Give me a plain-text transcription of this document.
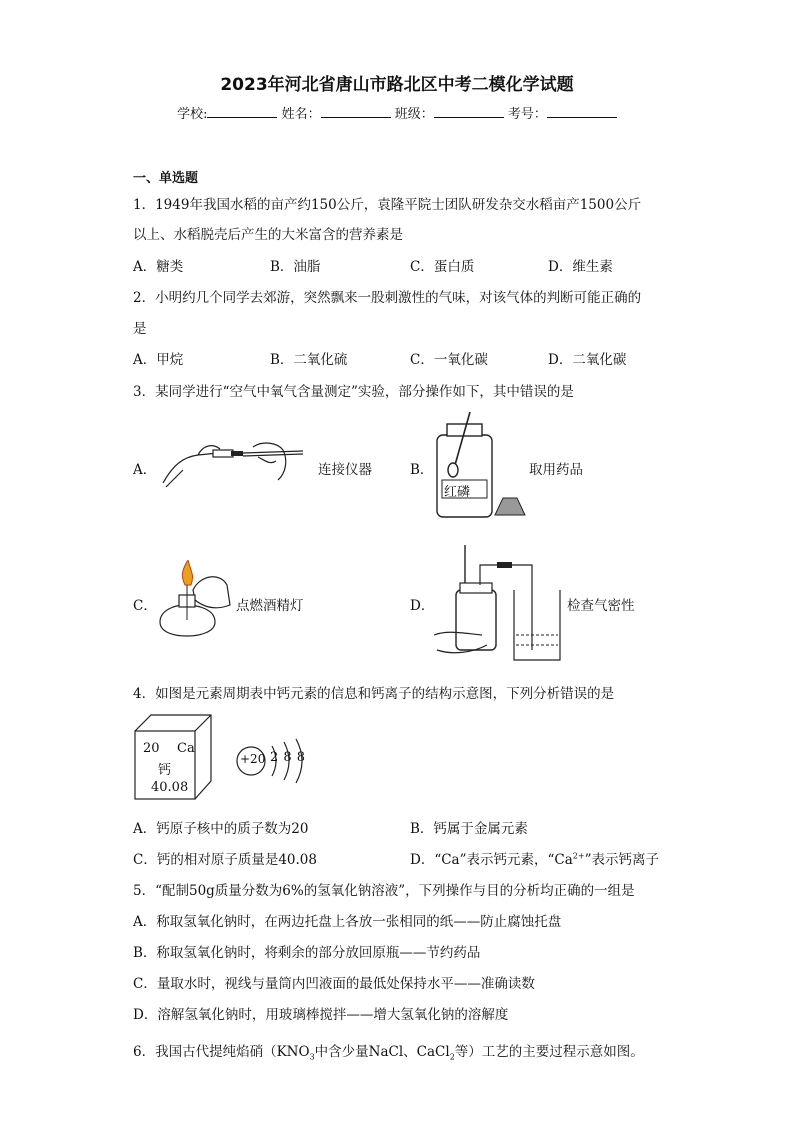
2023年河北省唐山市路北区中考二模化学试题
学校:	姓名：	班级：	考号：
一、单选题
1．1949年我国水稻的亩产约150公斤，袁隆平院士团队研发杂交水稻亩产1500公斤
以上、水稻脱壳后产生的大米富含的营养素是
A．糖类	B．油脂	C．蛋白质	D．维生素
2．小明约几个同学去郊游，突然飘来一股刺激性的气味，对该气体的判断可能正确的
是
A．甲烷	B．二氧化硫	C．一氧化碳	D．二氧化碳
3．某同学进行“空气中氧气含量测定”实验，部分操作如下，其中错误的是
A．	连接仪器	B．
红磷
取用药品
C．	点燃酒精灯	D．	检查气密性
4．如图是元素周期表中钙元素的信息和钙离子的结构示意图，下列分析错误的是
20 Ca
钙
40.08
+20 2 8 8
A．钙原子核中的质子数为20	B．钙属于金属元素
C．钙的相对原子质量是40.08	D．“Ca”表示钙元素，“$Ca^{2+}$”表示钙离子
5．“配制50g质量分数为6%的氢氧化钠溶液”，下列操作与目的分析均正确的一组是
A．称取氢氧化钠时，在两边托盘上各放一张相同的纸——防止腐蚀托盘
B．称取氢氧化钠时，将剩余的部分放回原瓶——节约药品
C．量取水时，视线与量筒内凹液面的最低处保持水平——准确读数
D．溶解氢氧化钠时，用玻璃棒搅拌——增大氢氧化钠的溶解度
6．我国古代提纯焰硝（$KNO_3$中含少量NaCl、CaCl$_2$等）工艺的主要过程示意如图。
